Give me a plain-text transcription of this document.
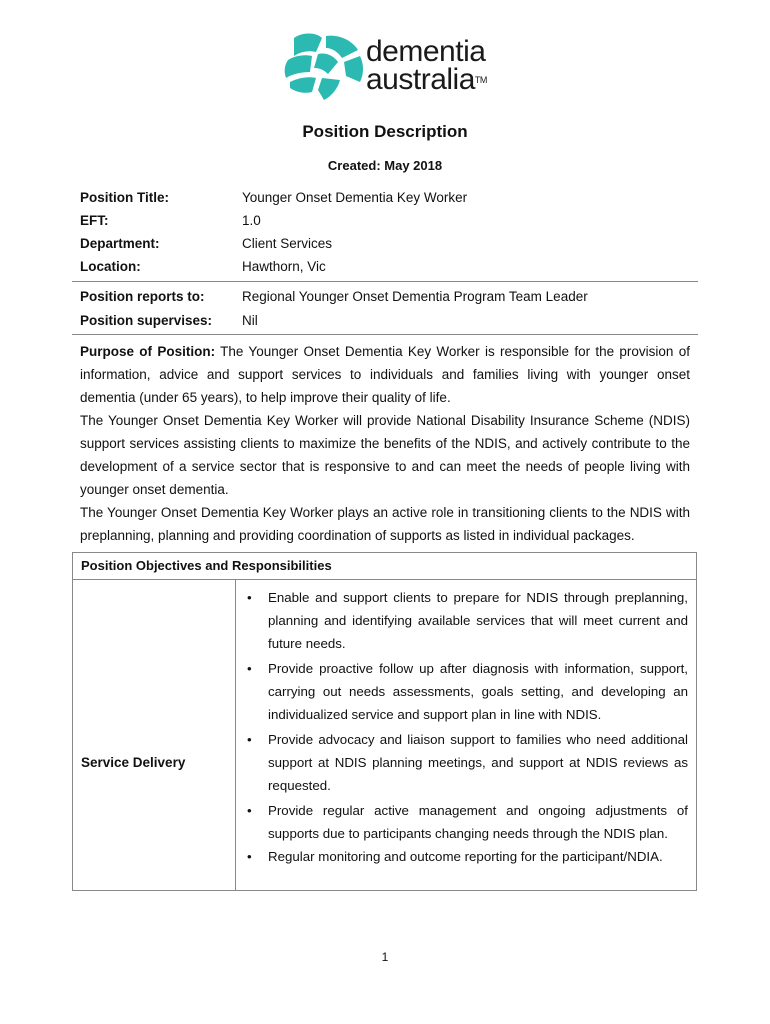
dementia
australia™
Position Description
Created: May 2018
Position Title:	Younger Onset Dementia Key Worker
EFT:	1.0
Department:	Client Services
Location:	Hawthorn, Vic
Position reports to:	Regional Younger Onset Dementia Program Team Leader
Position supervises: Nil

Purpose of Position: The Younger Onset Dementia Key Worker is responsible for the provision of information, advice and support services to individuals and families living with younger onset dementia (under 65 years), to help improve their quality of life.

The Younger Onset Dementia Key Worker will provide National Disability Insurance Scheme (NDIS) support services assisting clients to maximize the benefits of the NDIS, and actively contribute to the development of a service sector that is responsive to and can meet the needs of people living with younger onset dementia.

The Younger Onset Dementia Key Worker plays an active role in transitioning clients to the NDIS with preplanning, planning and providing coordination of supports as listed in individual packages.

Position Objectives and Responsibilities
Service Delivery
• Enable and support clients to prepare for NDIS through preplanning, planning and identifying available services that will meet current and future needs.
• Provide proactive follow up after diagnosis with information, support, carrying out needs assessments, goals setting, and developing an individualized service and support plan in line with NDIS.
• Provide advocacy and liaison support to families who need additional support at NDIS planning meetings, and support at NDIS reviews as requested.
• Provide regular active management and ongoing adjustments of supports due to participants changing needs through the NDIS plan.
• Regular monitoring and outcome reporting for the participant/NDIA.
1
